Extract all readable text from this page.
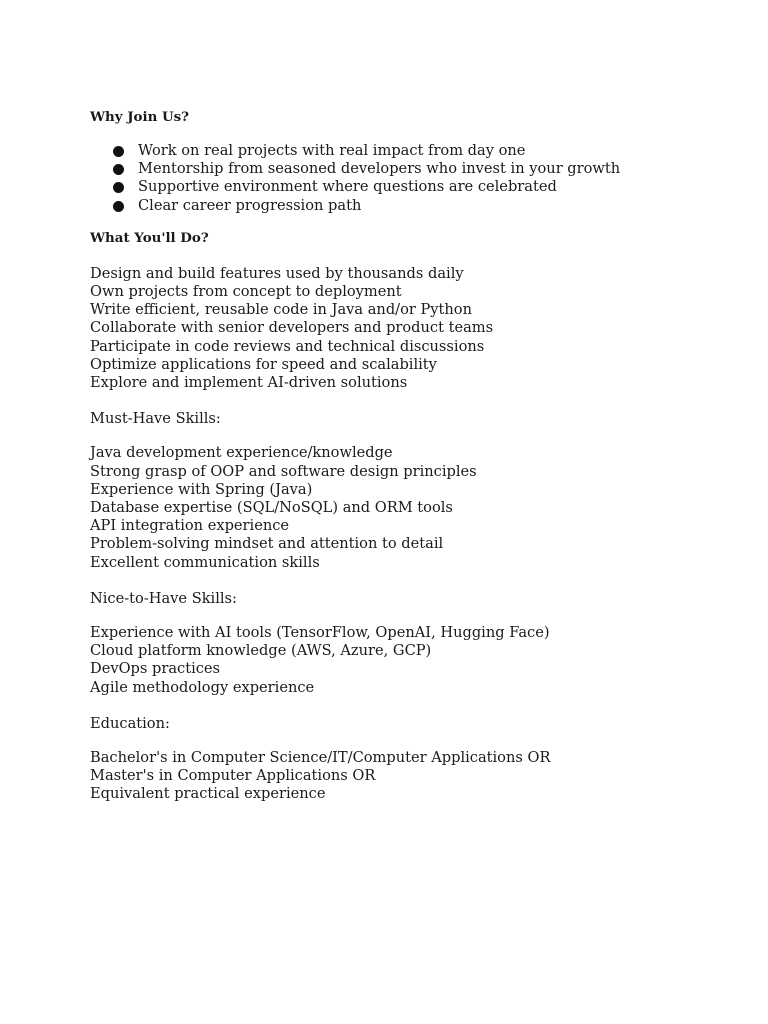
Why Join Us?

Work on real projects with real impact from day one
Mentorship from seasoned developers who invest in your growth
Supportive environment where questions are celebrated
Clear career progression path

What You'll Do?

Design and build features used by thousands daily

Own projects from concept to deployment

Write efficient, reusable code in Java and/or Python

Collaborate with senior developers and product teams

Participate in code reviews and technical discussions

Optimize applications for speed and scalability

Explore and implement AI-driven solutions

Must-Have Skills:

Java development experience/knowledge

Strong grasp of OOP and software design principles

Experience with Spring (Java)

Database expertise (SQL/NoSQL) and ORM tools

API integration experience

Problem-solving mindset and attention to detail

Excellent communication skills

Nice-to-Have Skills:

Experience with AI tools (TensorFlow, OpenAI, Hugging Face)

Cloud platform knowledge (AWS, Azure, GCP)

DevOps practices

Agile methodology experience

Education:

Bachelor's in Computer Science/IT/Computer Applications OR

Master's in Computer Applications OR

Equivalent practical experience
